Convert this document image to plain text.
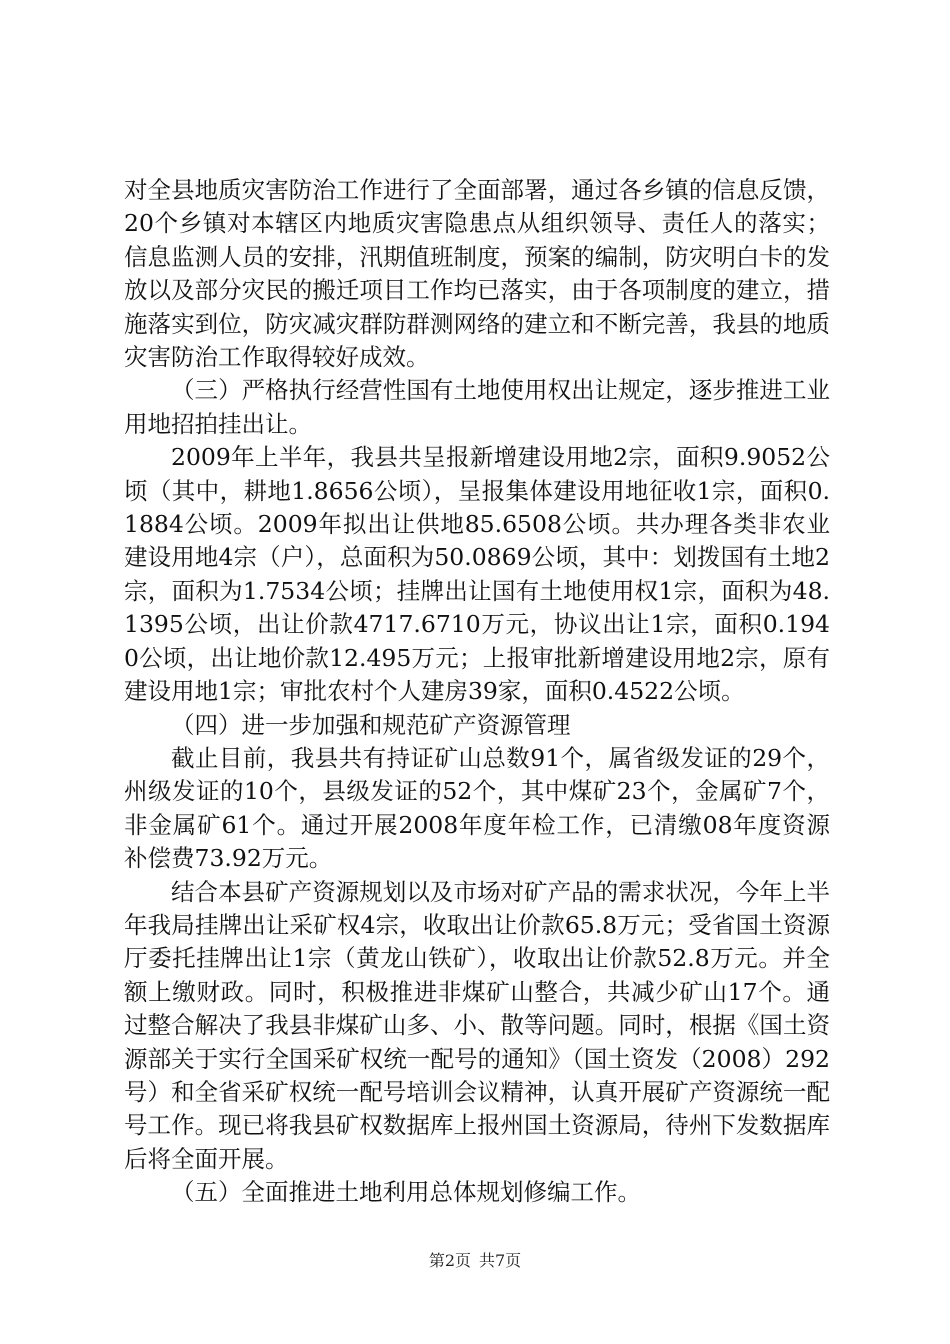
对全县地质灾害防治工作进行了全面部署，通过各乡镇的信息反馈，20个乡镇对本辖区内地质灾害隐患点从组织领导、责任人的落实；信息监测人员的安排，汛期值班制度，预案的编制，防灾明白卡的发放以及部分灾民的搬迁项目工作均已落实，由于各项制度的建立，措施落实到位，防灾减灾群防群测网络的建立和不断完善，我县的地质灾害防治工作取得较好成效。

（三）严格执行经营性国有土地使用权出让规定，逐步推进工业用地招拍挂出让。

2009年上半年，我县共呈报新增建设用地2宗，面积9.9052公顷（其中，耕地1.8656公顷），呈报集体建设用地征收1宗，面积0.1884公顷。2009年拟出让供地85.6508公顷。共办理各类非农业建设用地4宗（户），总面积为50.0869公顷，其中：划拨国有土地2宗，面积为1.7534公顷；挂牌出让国有土地使用权1宗，面积为48.1395公顷，出让价款4717.6710万元，协议出让1宗，面积0.1940公顷，出让地价款12.495万元；上报审批新增建设用地2宗，原有建设用地1宗；审批农村个人建房39家，面积0.4522公顷。

（四）进一步加强和规范矿产资源管理

截止目前，我县共有持证矿山总数91个，属省级发证的29个，州级发证的10个，县级发证的52个，其中煤矿23个，金属矿7个，非金属矿61个。通过开展2008年度年检工作，已清缴08年度资源补偿费73.92万元。

结合本县矿产资源规划以及市场对矿产品的需求状况，今年上半年我局挂牌出让采矿权4宗，收取出让价款65.8万元；受省国土资源厅委托挂牌出让1宗（黄龙山铁矿），收取出让价款52.8万元。并全额上缴财政。同时，积极推进非煤矿山整合，共减少矿山17个。通过整合解决了我县非煤矿山多、小、散等问题。同时，根据《国土资源部关于实行全国采矿权统一配号的通知》（国土资发（2008）292号）和全省采矿权统一配号培训会议精神，认真开展矿产资源统一配号工作。现已将我县矿权数据库上报州国土资源局，待州下发数据库后将全面开展。

（五）全面推进土地利用总体规划修编工作。

第2页 共7页
